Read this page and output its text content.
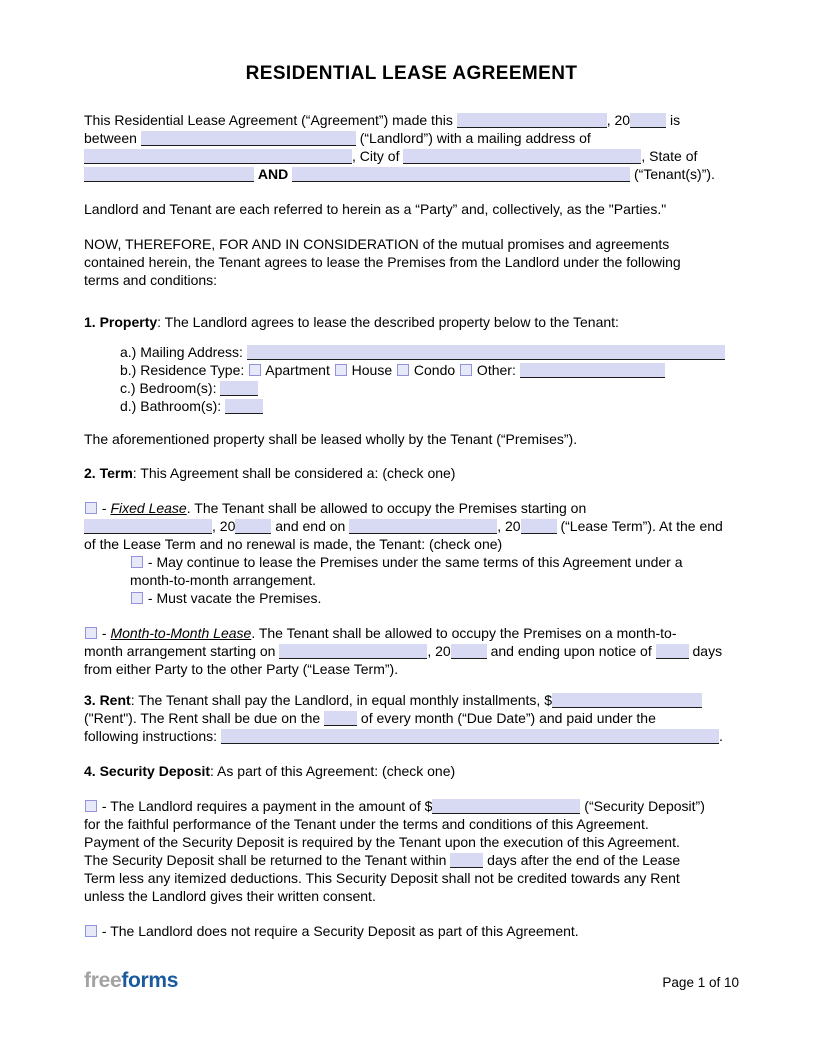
RESIDENTIAL LEASE AGREEMENT
This Residential Lease Agreement (“Agreement”) made this	, 20	is
between	(“Landlord”) with a mailing address of
, City of	, State of
AND	(“Tenant(s)”).
Landlord and Tenant are each referred to herein as a “Party” and, collectively, as the "Parties."
NOW, THEREFORE, FOR AND IN CONSIDERATION of the mutual promises and agreements
contained herein, the Tenant agrees to lease the Premises from the Landlord under the following
terms and conditions:
1. Property: The Landlord agrees to lease the described property below to the Tenant:
a.) Mailing Address:
b.) Residence Type:  Apartment  House  Condo  Other:
c.) Bedroom(s):
d.) Bathroom(s):
The aforementioned property shall be leased wholly by the Tenant (“Premises”).
2. Term: This Agreement shall be considered a: (check one)
- Fixed Lease. The Tenant shall be allowed to occupy the Premises starting on
, 20	and end on	, 20	(“Lease Term”). At the end
of the Lease Term and no renewal is made, the Tenant: (check one)
- May continue to lease the Premises under the same terms of this Agreement under a
month-to-month arrangement.
- Must vacate the Premises.
- Month-to-Month Lease. The Tenant shall be allowed to occupy the Premises on a month-to-
month arrangement starting on	, 20	and ending upon notice of  days
from either Party to the other Party (“Lease Term”).
3. Rent: The Tenant shall pay the Landlord, in equal monthly installments, $
("Rent"). The Rent shall be due on the  of every month (“Due Date”) and paid under the
following instructions:	.
4. Security Deposit: As part of this Agreement: (check one)
- The Landlord requires a payment in the amount of $	(“Security Deposit”)
for the faithful performance of the Tenant under the terms and conditions of this Agreement.
Payment of the Security Deposit is required by the Tenant upon the execution of this Agreement.
The Security Deposit shall be returned to the Tenant within  days after the end of the Lease
Term less any itemized deductions. This Security Deposit shall not be credited towards any Rent
unless the Landlord gives their written consent.
- The Landlord does not require a Security Deposit as part of this Agreement.
freeforms	Page 1 of 10
